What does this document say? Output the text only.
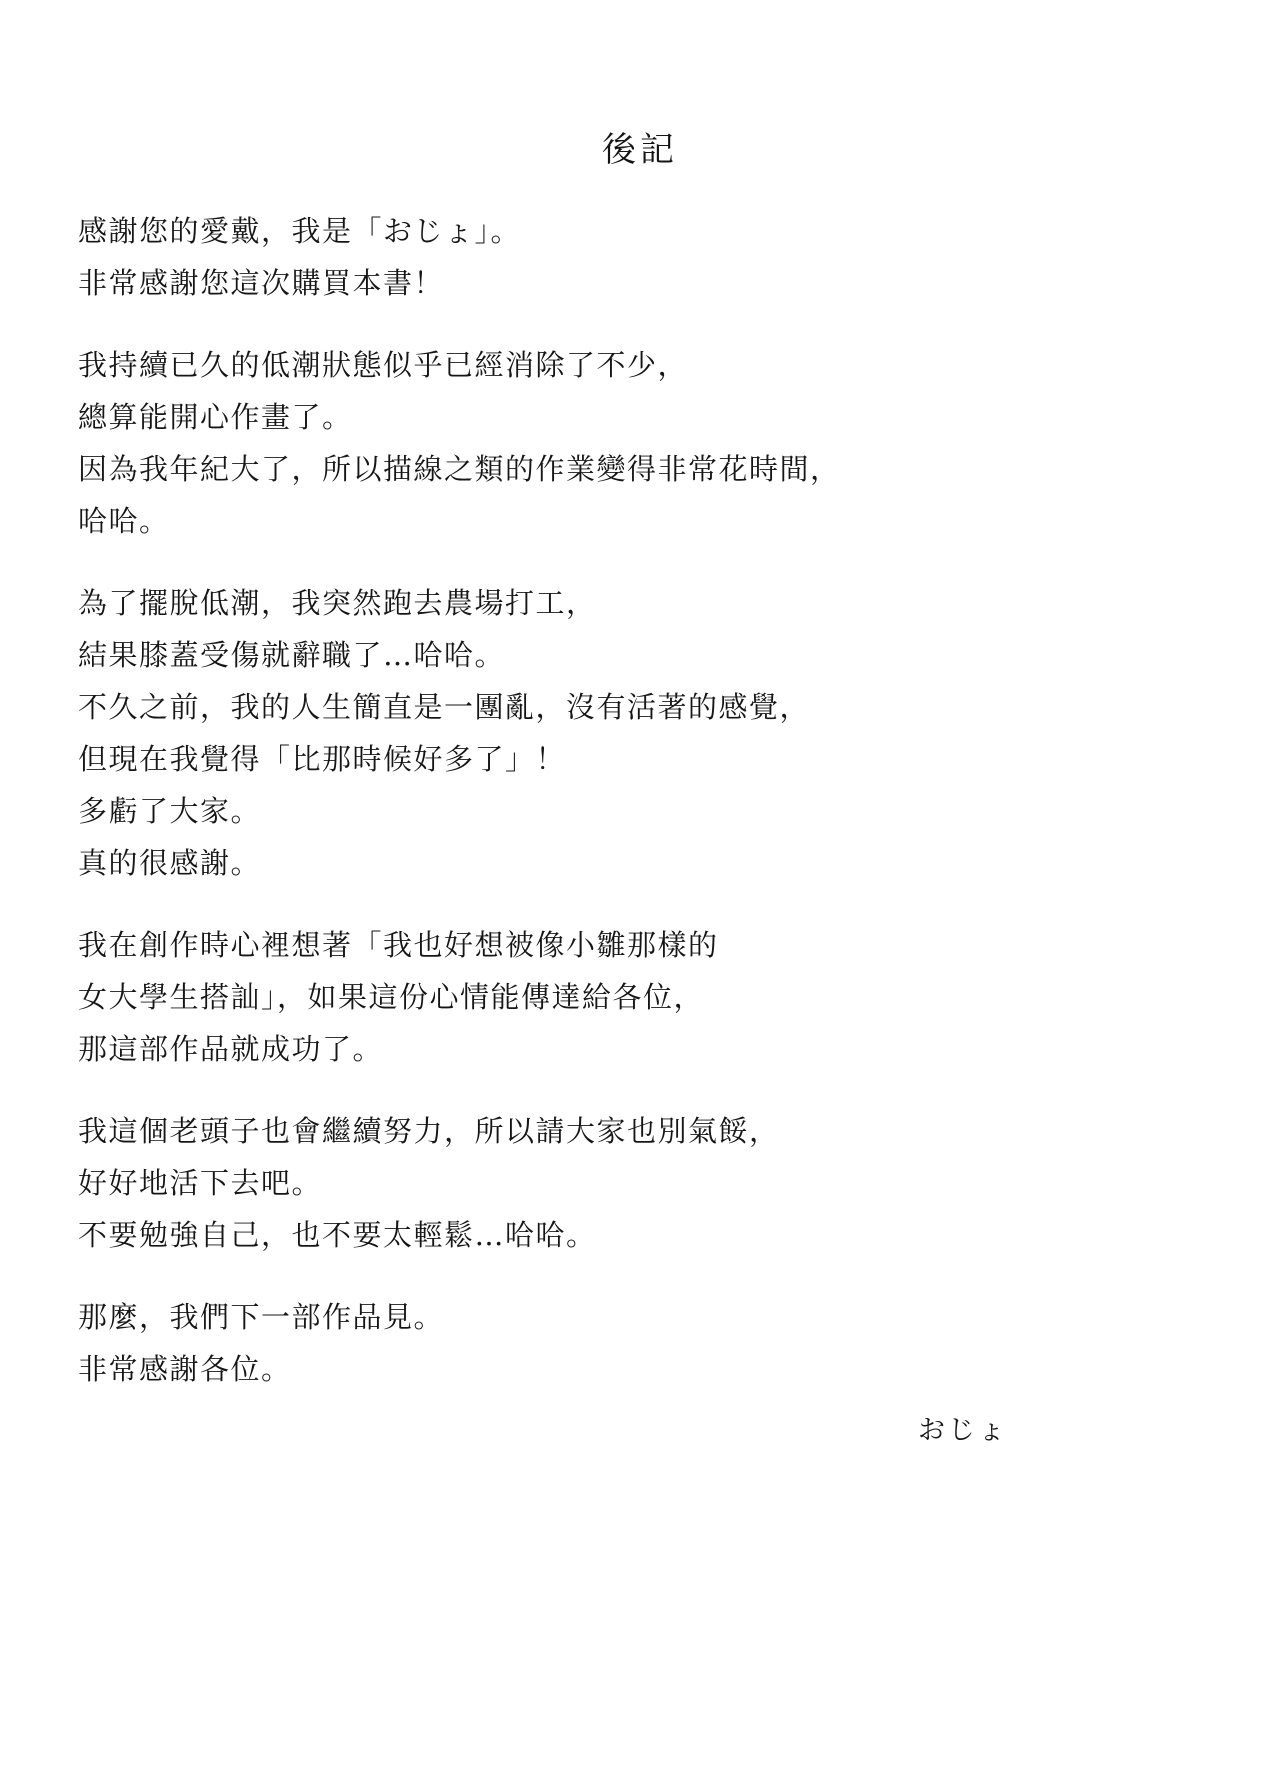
後記
感謝您的愛戴，我是「おじょ」。
非常感謝您這次購買本書！
我持續已久的低潮狀態似乎已經消除了不少，
總算能開心作畫了。
因為我年紀大了，所以描線之類的作業變得非常花時間，
哈哈。
為了擺脫低潮，我突然跑去農場打工，
結果膝蓋受傷就辭職了…哈哈。
不久之前，我的人生簡直是一團亂，沒有活著的感覺，
但現在我覺得「比那時候好多了」！
多虧了大家。
真的很感謝。
我在創作時心裡想著「我也好想被像小雛那樣的
女大學生搭訕」，如果這份心情能傳達給各位，
那這部作品就成功了。
我這個老頭子也會繼續努力，所以請大家也別氣餒，
好好地活下去吧。
不要勉強自己，也不要太輕鬆…哈哈。
那麼，我們下一部作品見。
非常感謝各位。
おじょ
